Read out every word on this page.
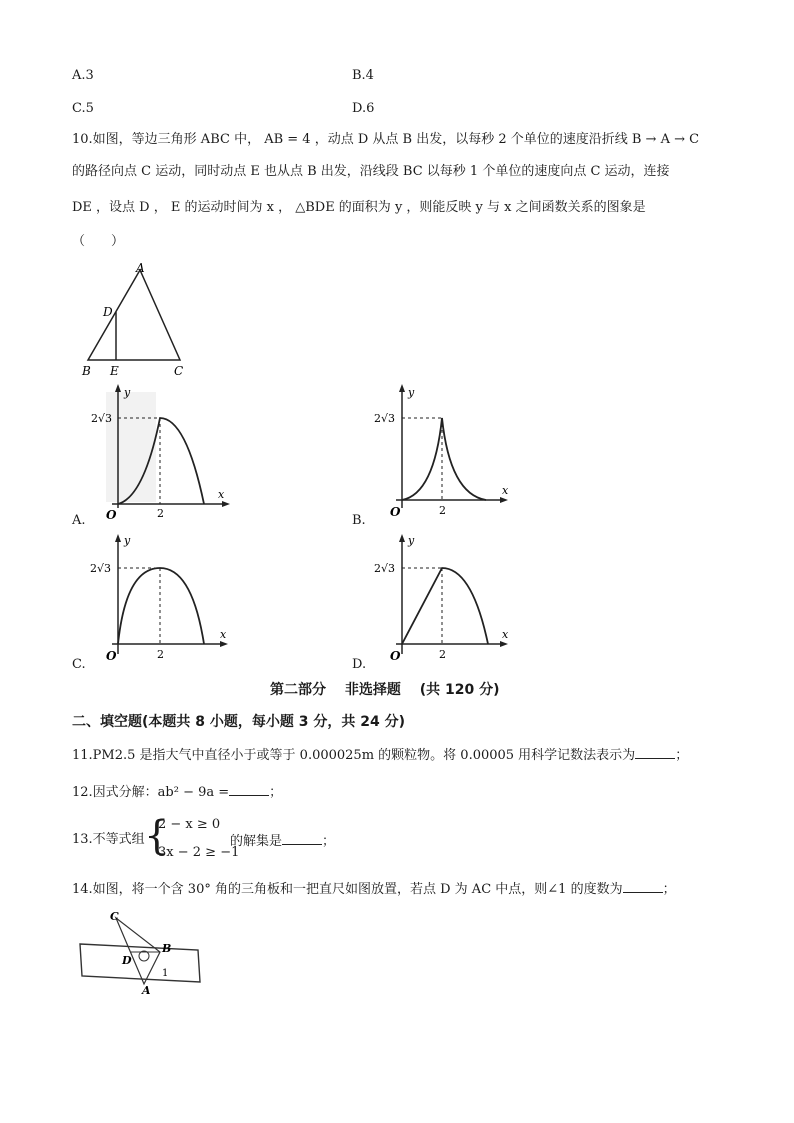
A.3	B.4
C.5	D.6
10.如图，等边三角形 ABC 中， AB = 4 ，动点 D 从点 B 出发，以每秒 2 个单位的速度沿折线 B → A → C
的路径向点 C 运动，同时动点 E 也从点 B 出发，沿线段 BC 以每秒 1 个单位的速度向点 C 运动，连接
DE ，设点 D ， E 的运动时间为 x ， △BDE 的面积为 y ，则能反映 y 与 x 之间函数关系的图象是
（　　）
A
D
B E	C
y
x
2√3
2
O
A.
y
x
2√3
2
O
B.
y
x
2√3
2
O
C.
y
x
2√3
2
O
D.
第二部分　 非选择题　 (共 120 分)
二、填空题(本题共 8 小题，每小题 3 分，共 24 分)
11.PM2.5 是指大气中直径小于或等于 0.000025m 的颗粒物。将 0.00005 用科学记数法表示为	；
12.因式分解：ab² − 9a =	；
13.不等式组 {
2 − x ≥ 0
3x − 2 ≥ −1
的解集是	；
14.如图，将一个含 30° 角的三角板和一把直尺如图放置，若点 D 为 AC 中点，则∠1 的度数为	；
C
B
D
1
A
